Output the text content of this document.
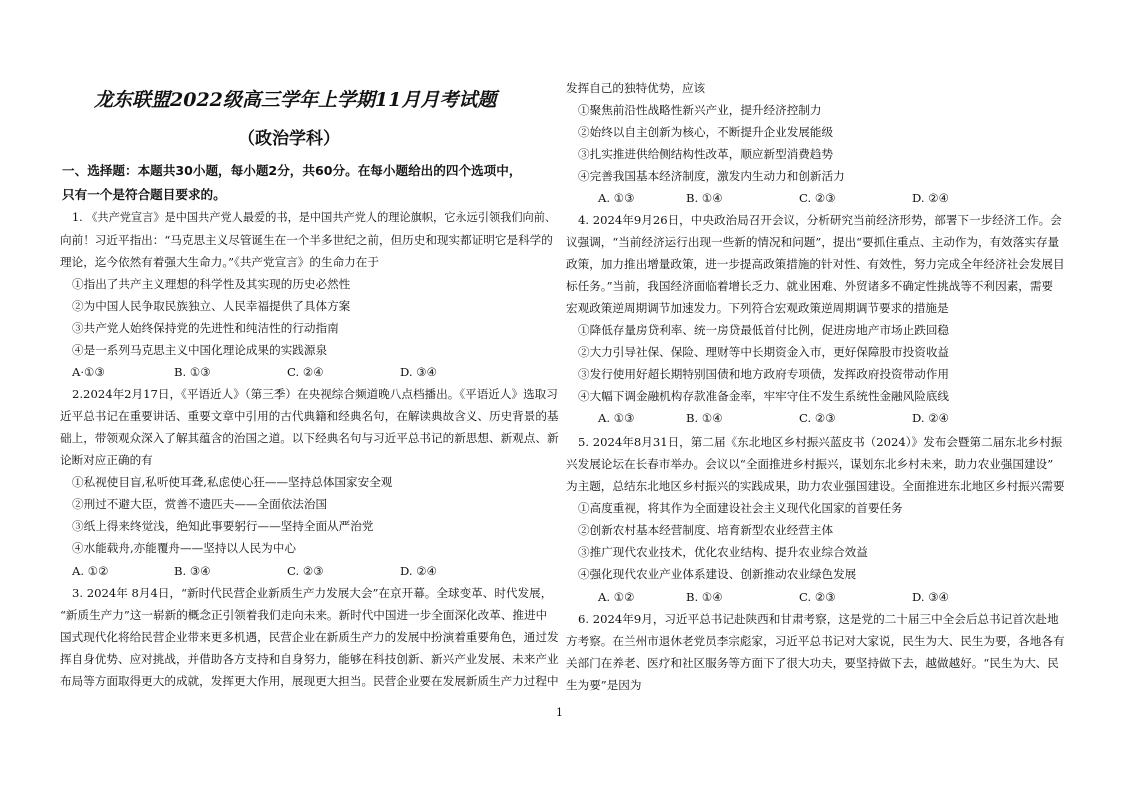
龙东联盟2022级高三学年上学期11月月考试题
（政治学科）
一、选择题：本题共30小题，每小题2分，共60分。在每小题给出的四个选项中，
只有一个是符合题目要求的。
1. 《共产党宣言》是中国共产党人最爱的书，是中国共产党人的理论旗帜，它永远引领我们向前、
向前！习近平指出：“马克思主义尽管诞生在一个半多世纪之前，但历史和现实都证明它是科学的
理论，迄今依然有着强大生命力。”《共产党宣言》的生命力在于
①指出了共产主义理想的科学性及其实现的历史必然性
②为中国人民争取民族独立、人民幸福提供了具体方案
③共产党人始终保持党的先进性和纯洁性的行动指南
④是一系列马克思主义中国化理论成果的实践源泉
A·①③	B. ①③	C. ②④	D. ③④
2.2024年2月17日，《平语近人》（第三季）在央视综合频道晚八点档播出。《平语近人》选取习
近平总书记在重要讲话、重要文章中引用的古代典籍和经典名句，在解读典故含义、历史背景的基
础上，带领观众深入了解其蕴含的治国之道。以下经典名句与习近平总书记的新思想、新观点、新
论断对应正确的有
①私视使目盲,私听使耳聋,私虑使心狂——坚持总体国家安全观
②刑过不避大臣，赏善不遗匹夫——全面依法治国
③纸上得来终觉浅，绝知此事要躬行——坚持全面从严治党
④水能载舟,亦能覆舟——坚持以人民为中心
A. ①②	B. ③④	C. ②③	D. ②④
3. 2024年 8月4日，“新时代民营企业新质生产力发展大会”在京开幕。全球变革、时代发展，
“新质生产力”这一崭新的概念正引领着我们走向未来。新时代中国进一步全面深化改革、推进中
国式现代化将给民营企业带来更多机遇，民营企业在新质生产力的发展中扮演着重要角色，通过发
挥自身优势、应对挑战，并借助各方支持和自身努力，能够在科技创新、新兴产业发展、未来产业
布局等方面取得更大的成就，发挥更大作用，展现更大担当。民营企业要在发展新质生产力过程中
发挥自己的独特优势，应该
①聚焦前沿性战略性新兴产业，提升经济控制力
②始终以自主创新为核心，不断提升企业发展能级
③扎实推进供给侧结构性改革，顺应新型消费趋势
④完善我国基本经济制度，激发内生动力和创新活力
A. ①③	B. ①④	C. ②③	D. ②④
4. 2024年9月26日，中央政治局召开会议，分析研究当前经济形势，部署下一步经济工作。会
议强调，“当前经济运行出现一些新的情况和问题”，提出“要抓住重点、主动作为，有效落实存量
政策，加力推出增量政策，进一步提高政策措施的针对性、有效性，努力完成全年经济社会发展目
标任务。”当前，我国经济面临着增长乏力、就业困难、外贸诸多不确定性挑战等不利因素，需要
宏观政策逆周期调节加速发力。下列符合宏观政策逆周期调节要求的措施是
①降低存量房贷利率、统一房贷最低首付比例，促进房地产市场止跌回稳
②大力引导社保、保险、理财等中长期资金入市，更好保障股市投资收益
③发行使用好超长期特别国债和地方政府专项债，发挥政府投资带动作用
④大幅下调金融机构存款准备金率，牢牢守住不发生系统性金融风险底线
A. ①③	B. ①④	C. ②③	D. ②④
5. 2024年8月31日，第二届《东北地区乡村振兴蓝皮书（2024）》发布会暨第二届东北乡村振
兴发展论坛在长春市举办。会议以“全面推进乡村振兴，谋划东北乡村未来，助力农业强国建设”
为主题，总结东北地区乡村振兴的实践成果，助力农业强国建设。全面推进东北地区乡村振兴需要
①高度重视，将其作为全面建设社会主义现代化国家的首要任务
②创新农村基本经营制度、培育新型农业经营主体
③推广现代农业技术，优化农业结构、提升农业综合效益
④强化现代农业产业体系建设、创新推动农业绿色发展
A. ①②	B. ①④	C. ②③	D. ③④
6. 2024年9月，习近平总书记赴陕西和甘肃考察，这是党的二十届三中全会后总书记首次赴地
方考察。在兰州市退休老党员李宗彪家，习近平总书记对大家说，民生为大、民生为要，各地各有
关部门在养老、医疗和社区服务等方面下了很大功夫，要坚持做下去，越做越好。“民生为大、民
生为要”是因为
1
